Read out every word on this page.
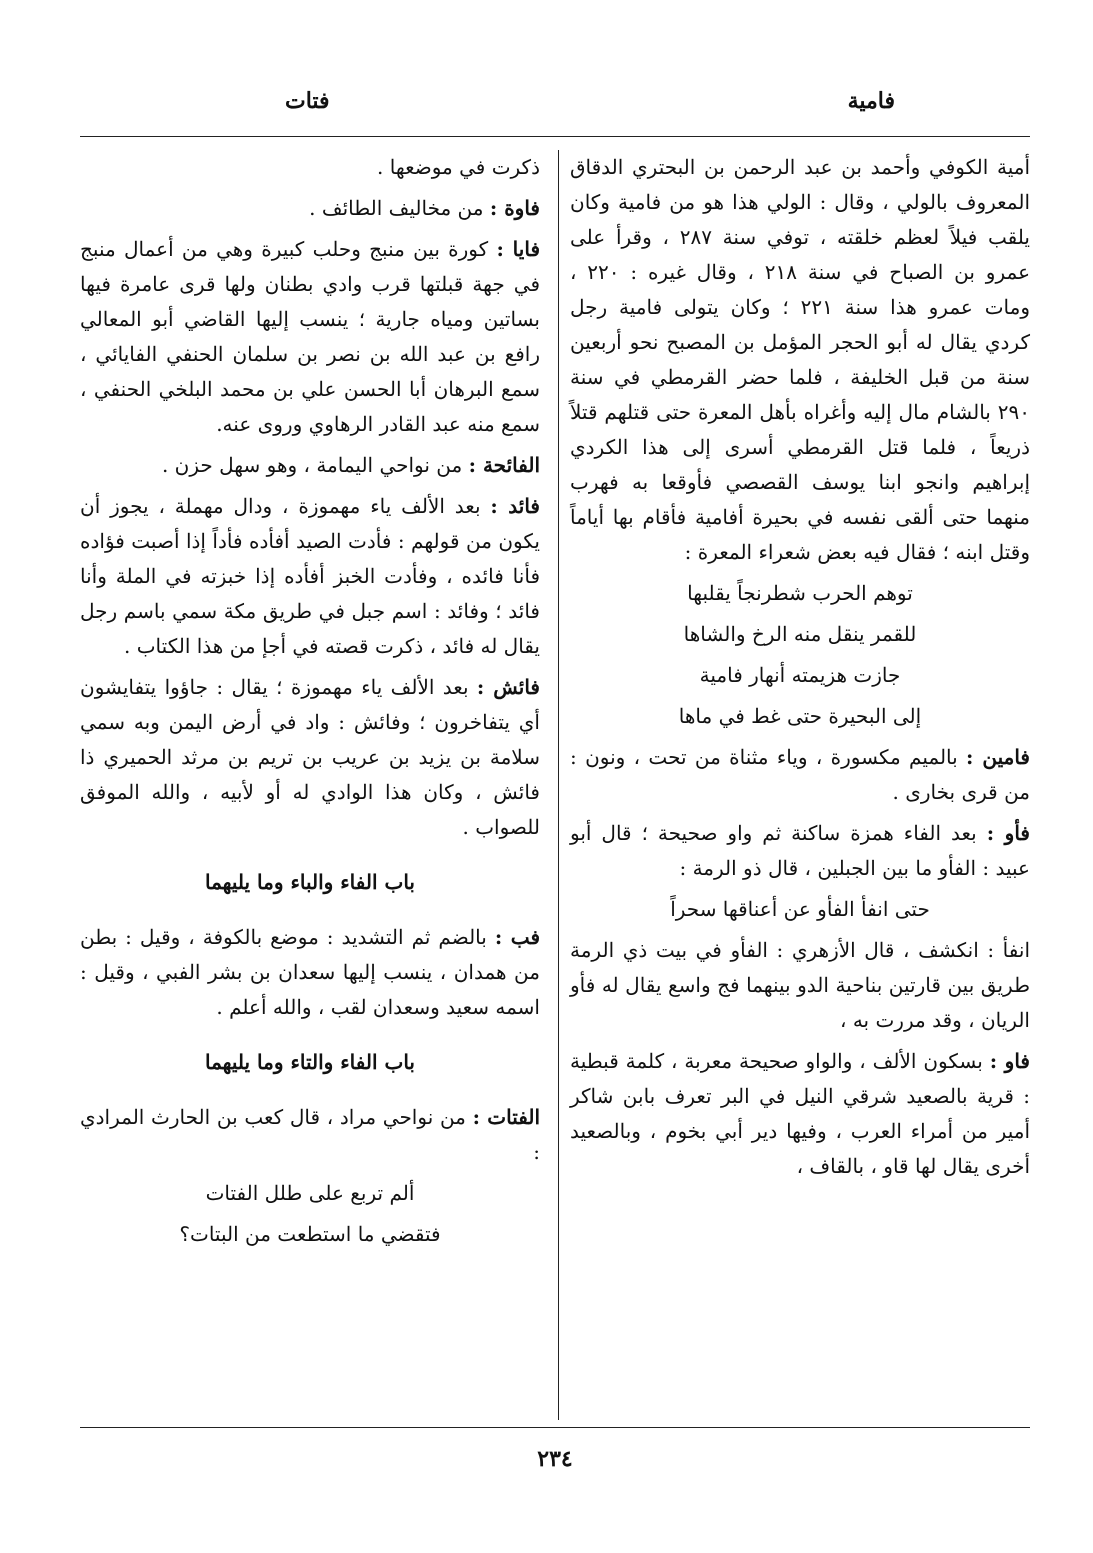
فامية
فتات

أمية الكوفي وأحمد بن عبد الرحمن بن البحتري الدقاق المعروف بالولي ، وقال : الولي هذا هو من فامية وكان يلقب فيلاً لعظم خلقته ، توفي سنة ٢٨٧ ، وقرأ على عمرو بن الصباح في سنة ٢١٨ ، وقال غيره : ٢٢٠ ، ومات عمرو هذا سنة ٢٢١ ؛ وكان يتولى فامية رجل كردي يقال له أبو الحجر المؤمل بن المصبح نحو أربعين سنة من قبل الخليفة ، فلما حضر القرمطي في سنة ٢٩٠ بالشام مال إليه وأغراه بأهل المعرة حتى قتلهم قتلاً ذريعاً ، فلما قتل القرمطي أسرى إلى هذا الكردي إبراهيم وانجو ابنا يوسف القصصي فأوقعا به فهرب منهما حتى ألقى نفسه في بحيرة أفامية فأقام بها أياماً وقتل ابنه ؛ فقال فيه بعض شعراء المعرة :

توهم الحرب شطرنجاً يقلبها
للقمر ينقل منه الرخ والشاها
جازت هزيمته أنهار فامية
إلى البحيرة حتى غط في ماها

فامين : بالميم مكسورة ، وياء مثناة من تحت ، ونون : من قرى بخارى .

فأو : بعد الفاء همزة ساكنة ثم واو صحيحة ؛ قال أبو عبيد : الفأو ما بين الجبلين ، قال ذو الرمة :

حتى انفأ الفأو عن أعناقها سحراً

انفأ : انكشف ، قال الأزهري : الفأو في بيت ذي الرمة طريق بين قارتين بناحية الدو بينهما فج واسع يقال له فأو الريان ، وقد مررت به ،

فاو : بسكون الألف ، والواو صحيحة معربة ، كلمة قبطية : قرية بالصعيد شرقي النيل في البر تعرف بابن شاكر أمير من أمراء العرب ، وفيها دير أبي بخوم ، وبالصعيد أخرى يقال لها قاو ، بالقاف ،

ذكرت في موضعها .

فاوة : من مخاليف الطائف .

فايا : كورة بين منبج وحلب كبيرة وهي من أعمال منبج في جهة قبلتها قرب وادي بطنان ولها قرى عامرة فيها بساتين ومياه جارية ؛ ينسب إليها القاضي أبو المعالي رافع بن عبد الله بن نصر بن سلمان الحنفي الفايائي ، سمع البرهان أبا الحسن علي بن محمد البلخي الحنفي ، سمع منه عبد القادر الرهاوي وروى عنه.

الفائحة : من نواحي اليمامة ، وهو سهل حزن .

فائد : بعد الألف ياء مهموزة ، ودال مهملة ، يجوز أن يكون من قولهم : فأدت الصيد أفأده فأداً إذا أصبت فؤاده فأنا فائده ، وفأدت الخبز أفأده إذا خبزته في الملة وأنا فائد ؛ وفائد : اسم جبل في طريق مكة سمي باسم رجل يقال له فائد ، ذكرت قصته في أجإ من هذا الكتاب .

فائش : بعد الألف ياء مهموزة ؛ يقال : جاؤوا يتفايشون أي يتفاخرون ؛ وفائش : واد في أرض اليمن وبه سمي سلامة بن يزيد بن عريب بن تريم بن مرثد الحميري ذا فائش ، وكان هذا الوادي له أو لأبيه ، والله الموفق للصواب .

باب الفاء والباء وما يليهما

فب : بالضم ثم التشديد : موضع بالكوفة ، وقيل : بطن من همدان ، ينسب إليها سعدان بن بشر الفبي ، وقيل : اسمه سعيد وسعدان لقب ، والله أعلم .

باب الفاء والتاء وما يليهما

الفتات : من نواحي مراد ، قال كعب بن الحارث المرادي :

ألم تربع على طلل الفتات
فتقضي ما استطعت من البتات؟
٢٣٤
